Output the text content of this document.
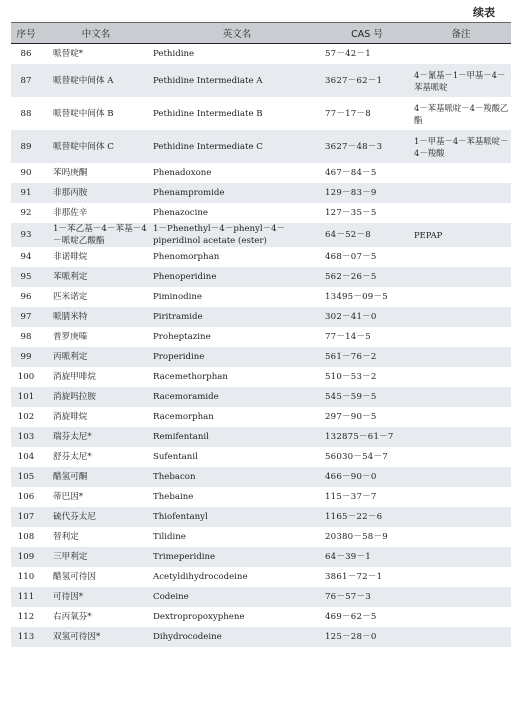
续表
序号	中文名	英文名	CAS 号	备注
86	哌替啶*	Pethidine	57－42－1	
87	哌替啶中间体 A	Pethidine Intermediate A	3627－62－1	4－氰基－1－甲基－4－苯基哌啶
88	哌替啶中间体 B	Pethidine Intermediate B	77－17－8	4－苯基哌啶－4－羧酸乙酯
89	哌替啶中间体 C	Pethidine Intermediate C	3627－48－3	1－甲基－4－苯基哌啶－4－羧酸
90	苯吗庚酮	Phenadoxone	467－84－5	
91	非那丙胺	Phenampromide	129－83－9	
92	非那佐辛	Phenazocine	127－35－5	
93	1－苯乙基－4－苯基－4－哌啶乙酸酯	1－Phenethyl－4－phenyl－4－piperidinol acetate (ester)	64－52－8	PEPAP
94	非诺啡烷	Phenomorphan	468－07－5	
95	苯哌利定	Phenoperidine	562－26－5	
96	匹米诺定	Piminodine	13495－09－5	
97	哌腈米特	Piritramide	302－41－0	
98	普罗庚嗪	Proheptazine	77－14－5	
99	丙哌利定	Properidine	561－76－2	
100	消旋甲啡烷	Racemethorphan	510－53－2	
101	消旋吗拉胺	Racemoramide	545－59－5	
102	消旋啡烷	Racemorphan	297－90－5	
103	瑞芬太尼*	Remifentanil	132875－61－7	
104	舒芬太尼*	Sufentanil	56030－54－7	
105	醋氢可酮	Thebacon	466－90－0	
106	蒂巴因*	Thebaine	115－37－7	
107	硫代芬太尼	Thiofentanyl	1165－22－6	
108	替利定	Tilidine	20380－58－9	
109	三甲利定	Trimeperidine	64－39－1	
110	醋氢可待因	Acetyldihydrocodeine	3861－72－1	
111	可待因*	Codeine	76－57－3	
112	右丙氧芬*	Dextropropoxyphene	469－62－5	
113	双氢可待因*	Dihydrocodeine	125－28－0	
